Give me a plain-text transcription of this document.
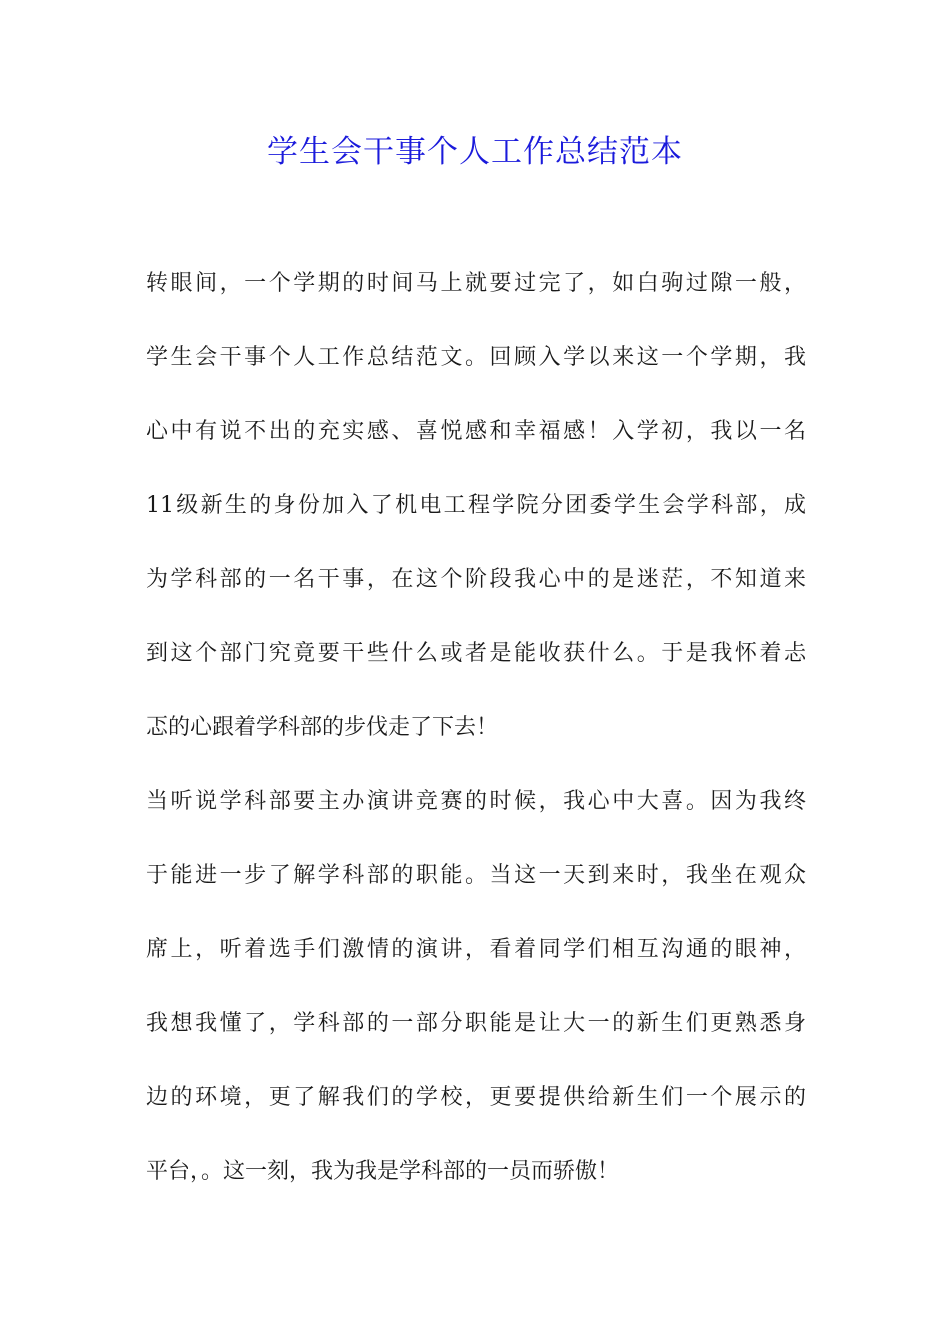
学生会干事个人工作总结范本
转眼间，一个学期的时间马上就要过完了，如白驹过隙一般，
学生会干事个人工作总结范文。回顾入学以来这一个学期，我
心中有说不出的充实感、喜悦感和幸福感！入学初，我以一名
11级新生的身份加入了机电工程学院分团委学生会学科部，成
为学科部的一名干事，在这个阶段我心中的是迷茫，不知道来
到这个部门究竟要干些什么或者是能收获什么。于是我怀着忐
忑的心跟着学科部的步伐走了下去！
当听说学科部要主办演讲竞赛的时候，我心中大喜。因为我终
于能进一步了解学科部的职能。当这一天到来时，我坐在观众
席上，听着选手们激情的演讲，看着同学们相互沟通的眼神，
我想我懂了，学科部的一部分职能是让大一的新生们更熟悉身
边的环境，更了解我们的学校，更要提供给新生们一个展示的
平台，。这一刻，我为我是学科部的一员而骄傲！
